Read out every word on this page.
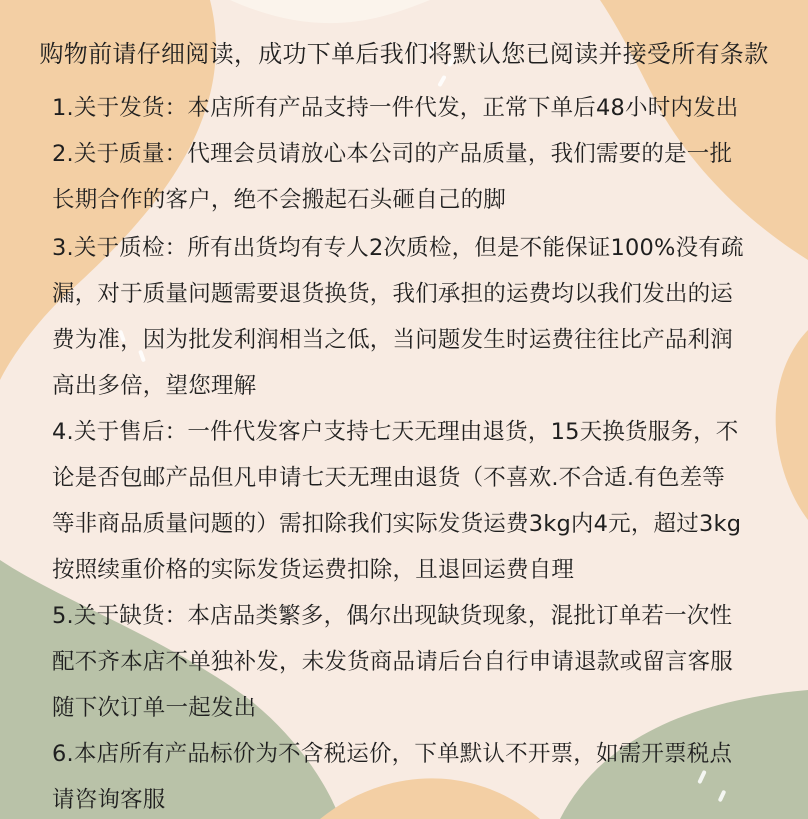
购物前请仔细阅读，成功下单后我们将默认您已阅读并接受所有条款
1.关于发货：本店所有产品支持一件代发，正常下单后48小时内发出
2.关于质量：代理会员请放心本公司的产品质量，我们需要的是一批
长期合作的客户，绝不会搬起石头砸自己的脚
3.关于质检：所有出货均有专人2次质检，但是不能保证100%没有疏
漏，对于质量问题需要退货换货，我们承担的运费均以我们发出的运
费为准，因为批发利润相当之低，当问题发生时运费往往比产品利润
高出多倍，望您理解
4.关于售后：一件代发客户支持七天无理由退货，15天换货服务，不
论是否包邮产品但凡申请七天无理由退货（不喜欢.不合适.有色差等
等非商品质量问题的）需扣除我们实际发货运费3kg内4元，超过3kg
按照续重价格的实际发货运费扣除，且退回运费自理
5.关于缺货：本店品类繁多，偶尔出现缺货现象，混批订单若一次性
配不齐本店不单独补发，未发货商品请后台自行申请退款或留言客服
随下次订单一起发出
6.本店所有产品标价为不含税运价，下单默认不开票，如需开票税点
请咨询客服
